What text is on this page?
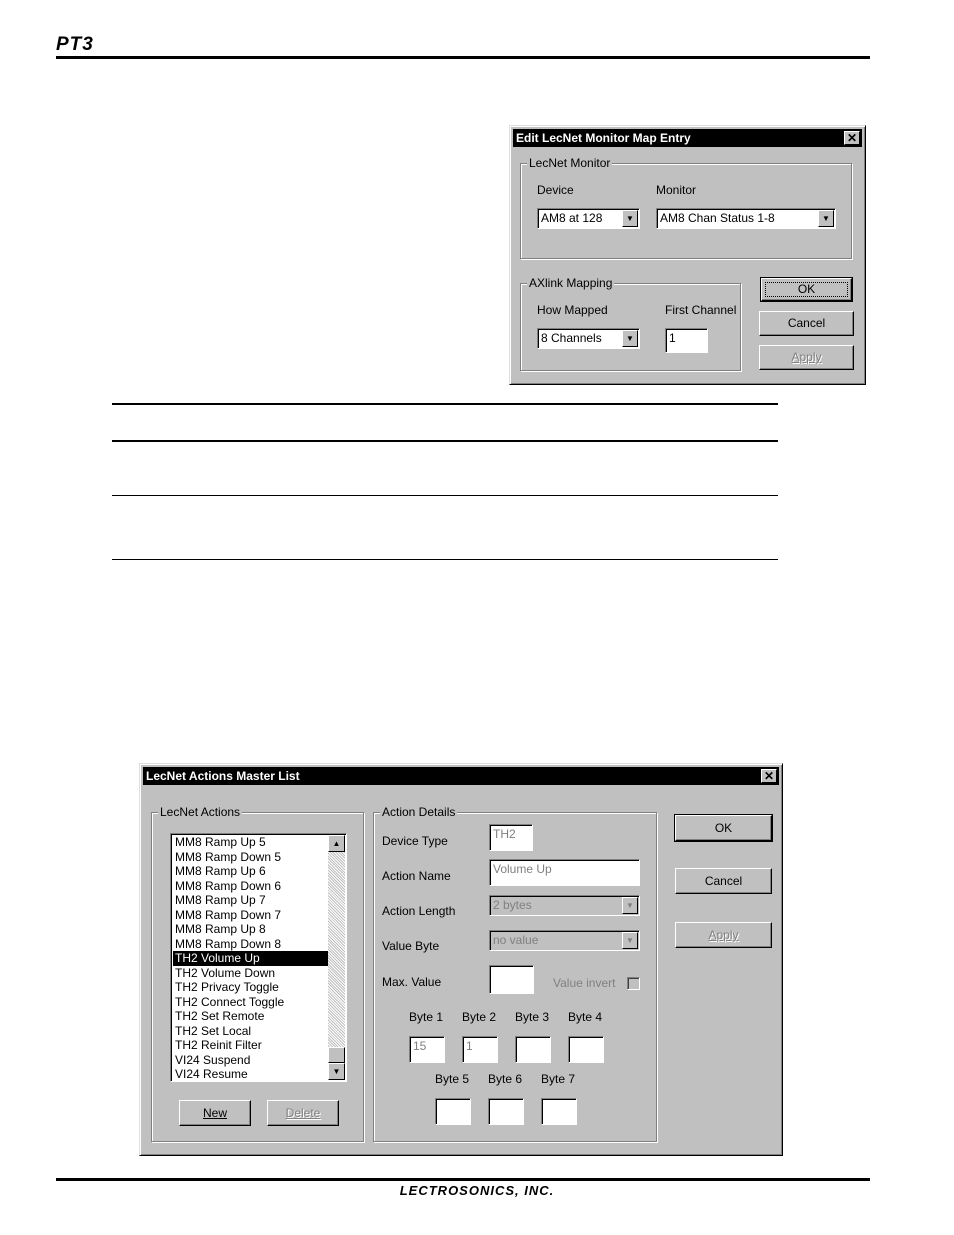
PT3
Edit LecNet Monitor Map Entry	✕
LecNet Monitor
Device	Monitor
AM8 at 128	▼	AM8 Chan Status 1-8	▼
AXlink Mapping
How Mapped	First Channel
8 Channels	▼	1
OK
Cancel
Apply
LecNet Actions Master List	✕
LecNet Actions
MM8 Ramp Up 5
MM8 Ramp Down 5
MM8 Ramp Up 6
MM8 Ramp Down 6
MM8 Ramp Up 7
MM8 Ramp Down 7
MM8 Ramp Up 8
MM8 Ramp Down 8
TH2 Volume Up
TH2 Volume Down
TH2 Privacy Toggle
TH2 Connect Toggle
TH2 Set Remote
TH2 Set Local
TH2 Reinit Filter
VI24 Suspend
VI24 Resume
▲
▼
New	Delete
Action Details
Device Type	TH2
Action Name	Volume Up
Action Length	2 bytes	▼
Value Byte	no value	▼
Max. Value	Value invert
Byte 1 Byte 2 Byte 3 Byte 4
15	1
Byte 5 Byte 6 Byte 7
OK
Cancel
Apply
LECTROSONICS, INC.
